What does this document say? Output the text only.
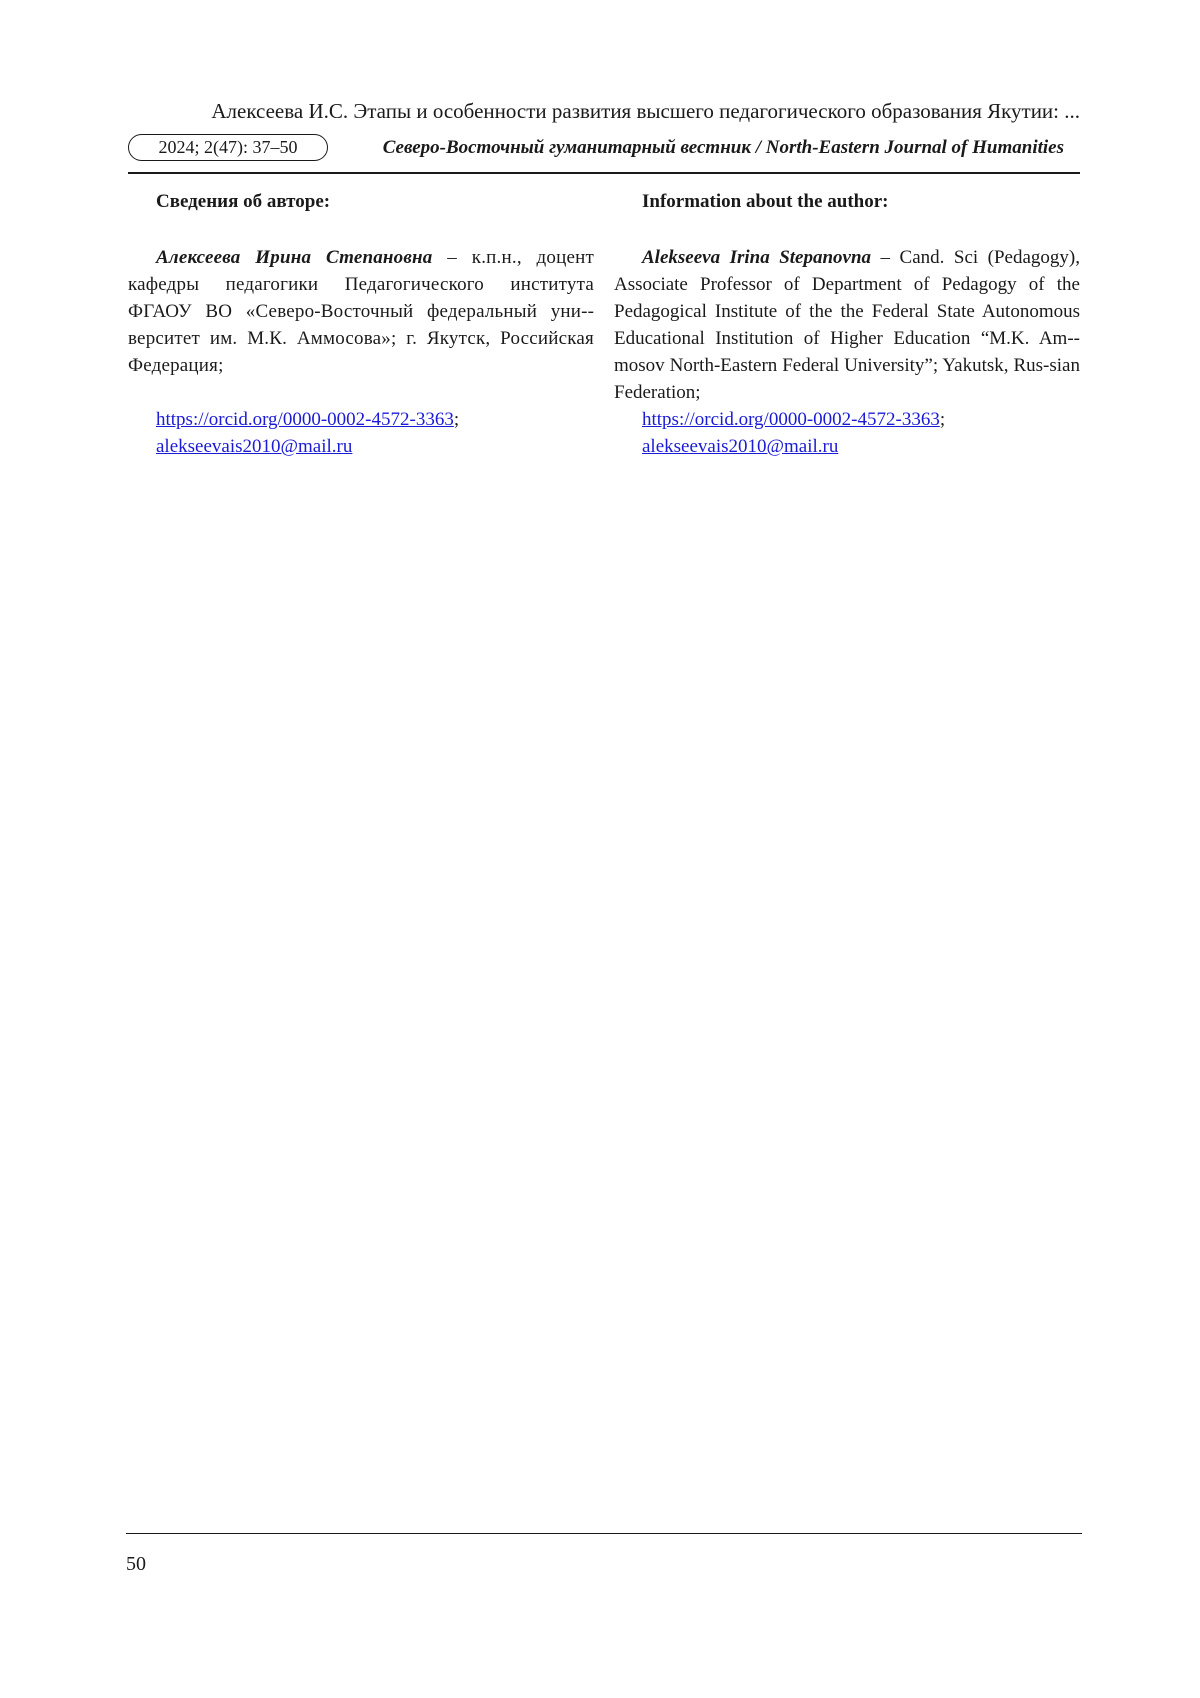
Алексеева И.С. Этапы и особенности развития высшего педагогического образования Якутии: ...
2024; 2(47): 37–50	Северо-Восточный гуманитарный вестник / North-Eastern Journal of Humanities

Сведения об авторе:

Алексеева Ирина Степановна – к.п.н., доцент кафедры педагогики Педагогического института ФГАОУ ВО «Северо-Восточный федеральный уни-верситет им. М.К. Аммосова»; г. Якутск, Российская Федерация;

https://orcid.org/0000-0002-4572-3363;
alekseevais2010@mail.ru

Information about the author:

Alekseeva Irina Stepanovna – Cand. Sci (Pedagogy), Associate Professor of Department of Pedagogy of the Pedagogical Institute of the the Federal State Autonomous Educational Institution of Higher Education “M.K. Am-mosov North-Eastern Federal University”; Yakutsk, Rus-sian Federation;

https://orcid.org/0000-0002-4572-3363;
alekseevais2010@mail.ru
50
